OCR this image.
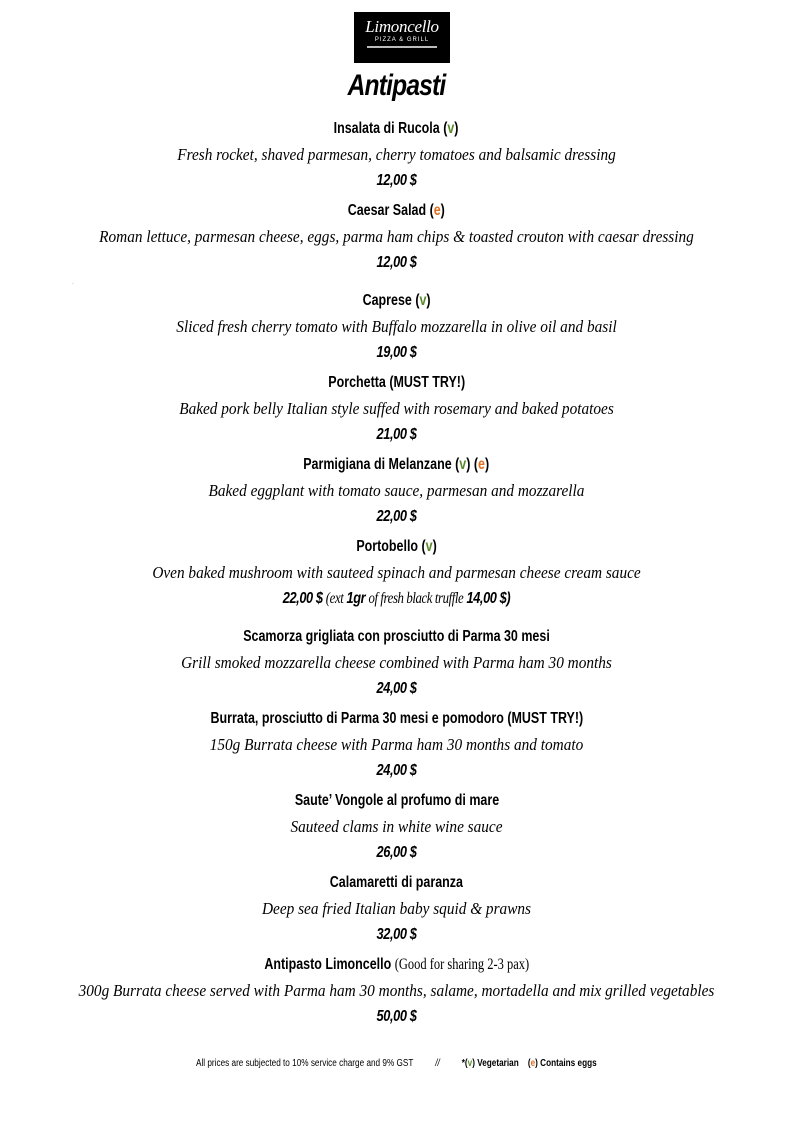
Limoncello
PIZZA & GRILL
Antipasti
·
Insalata di Rucola (v)
Fresh rocket, shaved parmesan, cherry tomatoes and balsamic dressing
12,00 $
Caesar Salad (e)
Roman lettuce, parmesan cheese, eggs, parma ham chips & toasted crouton with caesar dressing
12,00 $
Caprese (v)
Sliced fresh cherry tomato with Buffalo mozzarella in olive oil and basil
19,00 $
Porchetta (MUST TRY!)
Baked pork belly Italian style suffed with rosemary and baked potatoes
21,00 $
Parmigiana di Melanzane (v) (e)
Baked eggplant with tomato sauce, parmesan and mozzarella
22,00 $
Portobello (v)
Oven baked mushroom with sauteed spinach and parmesan cheese cream sauce
22,00 $ (ext 1gr of fresh black truffle 14,00 $)
Scamorza grigliata con prosciutto di Parma 30 mesi
Grill smoked mozzarella cheese combined with Parma ham 30 months
24,00 $
Burrata, prosciutto di Parma 30 mesi e pomodoro (MUST TRY!)
150g Burrata cheese with Parma ham 30 months and tomato
24,00 $
Saute’ Vongole al profumo di mare
Sauteed clams in white wine sauce
26,00 $
Calamaretti di paranza
Deep sea fried Italian baby squid & prawns
32,00 $
Antipasto Limoncello (Good for sharing 2-3 pax)
300g Burrata cheese served with Parma ham 30 months, salame, mortadella and mix grilled vegetables
50,00 $
All prices are subjected to 10% service charge and 9% GST // *(v) Vegetarian (e) Contains eggs
